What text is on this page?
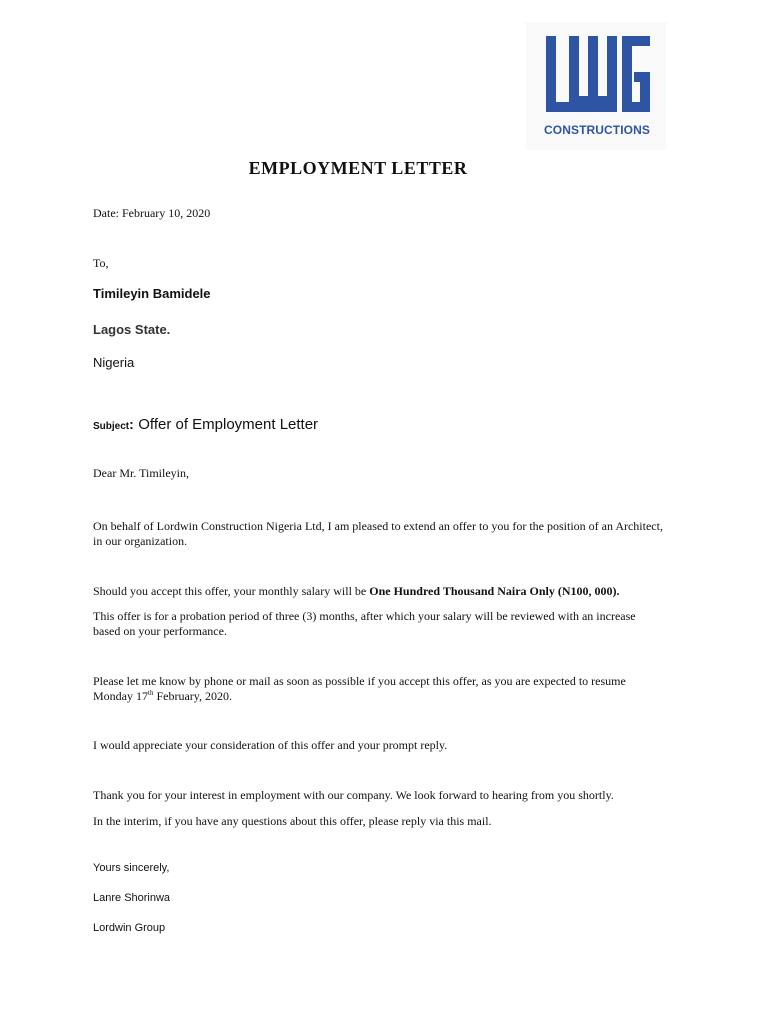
CONSTRUCTIONS
EMPLOYMENT LETTER
Date: February 10, 2020
To,
Timileyin Bamidele
Lagos State.
Nigeria
Subject: Offer of Employment Letter
Dear Mr. Timileyin,
On behalf of Lordwin Construction Nigeria Ltd, I am pleased to extend an offer to you for the position of an Architect, in our organization.
Should you accept this offer, your monthly salary will be One Hundred Thousand Naira Only (N100, 000).
This offer is for a probation period of three (3) months, after which your salary will be reviewed with an increase based on your performance.
Please let me know by phone or mail as soon as possible if you accept this offer, as you are expected to resume
Monday 17th February, 2020.
I would appreciate your consideration of this offer and your prompt reply.
Thank you for your interest in employment with our company. We look forward to hearing from you shortly.
In the interim, if you have any questions about this offer, please reply via this mail.
Yours sincerely,
Lanre Shorinwa
Lordwin Group
